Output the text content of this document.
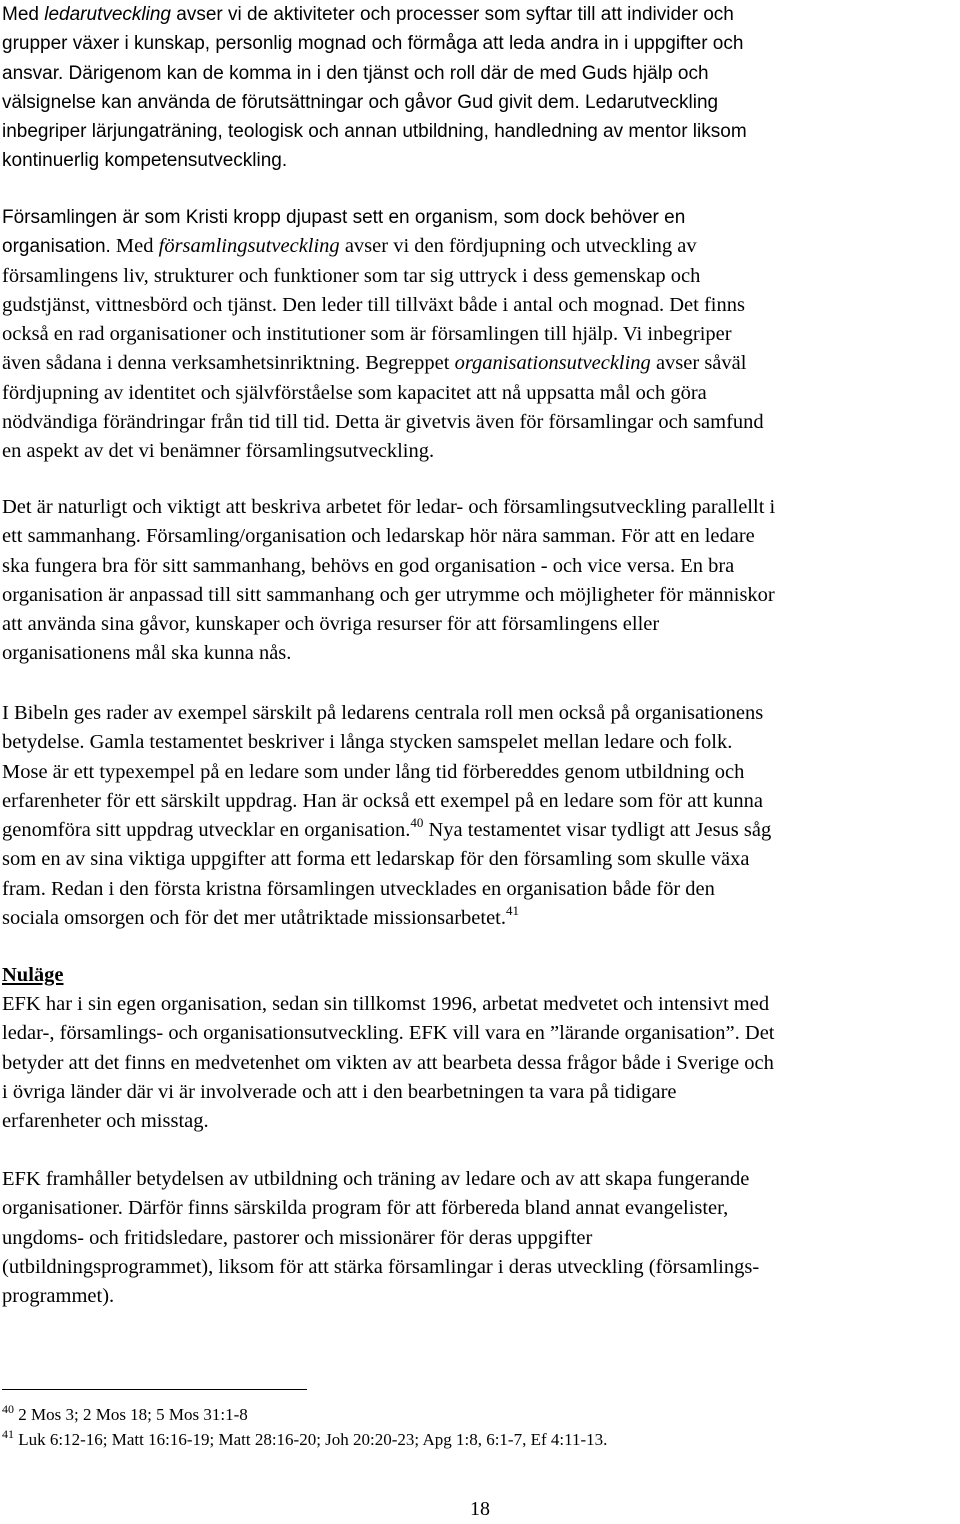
Med ledarutveckling avser vi de aktiviteter och processer som syftar till att individer och
grupper växer i kunskap, personlig mognad och förmåga att leda andra in i uppgifter och
ansvar. Därigenom kan de komma in i den tjänst och roll där de med Guds hjälp och
välsignelse kan använda de förutsättningar och gåvor Gud givit dem. Ledarutveckling
inbegriper lärjungaträning, teologisk och annan utbildning, handledning av mentor liksom
kontinuerlig kompetensutveckling.
Församlingen är som Kristi kropp djupast sett en organism, som dock behöver en
organisation. Med församlingsutveckling avser vi den fördjupning och utveckling av
församlingens liv, strukturer och funktioner som tar sig uttryck i dess gemenskap och
gudstjänst, vittnesbörd och tjänst. Den leder till tillväxt både i antal och mognad. Det finns
också en rad organisationer och institutioner som är församlingen till hjälp. Vi inbegriper
även sådana i denna verksamhetsinriktning. Begreppet organisationsutveckling avser såväl
fördjupning av identitet och självförståelse som kapacitet att nå uppsatta mål och göra
nödvändiga förändringar från tid till tid. Detta är givetvis även för församlingar och samfund
en aspekt av det vi benämner församlingsutveckling.
Det är naturligt och viktigt att beskriva arbetet för ledar- och församlingsutveckling parallellt i
ett sammanhang. Församling/organisation och ledarskap hör nära samman. För att en ledare
ska fungera bra för sitt sammanhang, behövs en god organisation - och vice versa. En bra
organisation är anpassad till sitt sammanhang och ger utrymme och möjligheter för människor
att använda sina gåvor, kunskaper och övriga resurser för att församlingens eller
organisationens mål ska kunna nås.
I Bibeln ges rader av exempel särskilt på ledarens centrala roll men också på organisationens
betydelse. Gamla testamentet beskriver i långa stycken samspelet mellan ledare och folk.
Mose är ett typexempel på en ledare som under lång tid förbereddes genom utbildning och
erfarenheter för ett särskilt uppdrag. Han är också ett exempel på en ledare som för att kunna
genomföra sitt uppdrag utvecklar en organisation.$^{40}$ Nya testamentet visar tydligt att Jesus såg
som en av sina viktiga uppgifter att forma ett ledarskap för den församling som skulle växa
fram. Redan i den första kristna församlingen utvecklades en organisation både för den
sociala omsorgen och för det mer utåtriktade missionsarbetet.$^{41}$
Nuläge
EFK har i sin egen organisation, sedan sin tillkomst 1996, arbetat medvetet och intensivt med
ledar-, församlings- och organisationsutveckling. EFK vill vara en ”lärande organisation”. Det
betyder att det finns en medvetenhet om vikten av att bearbeta dessa frågor både i Sverige och
i övriga länder där vi är involverade och att i den bearbetningen ta vara på tidigare
erfarenheter och misstag.
EFK framhåller betydelsen av utbildning och träning av ledare och av att skapa fungerande
organisationer. Därför finns särskilda program för att förbereda bland annat evangelister,
ungdoms- och fritidsledare, pastorer och missionärer för deras uppgifter
(utbildningsprogrammet), liksom för att stärka församlingar i deras utveckling (församlings-
programmet).
$^{40}$ 2 Mos 3; 2 Mos 18; 5 Mos 31:1-8
$^{41}$ Luk 6:12-16; Matt 16:16-19; Matt 28:16-20; Joh 20:20-23; Apg 1:8, 6:1-7, Ef 4:11-13.
18
